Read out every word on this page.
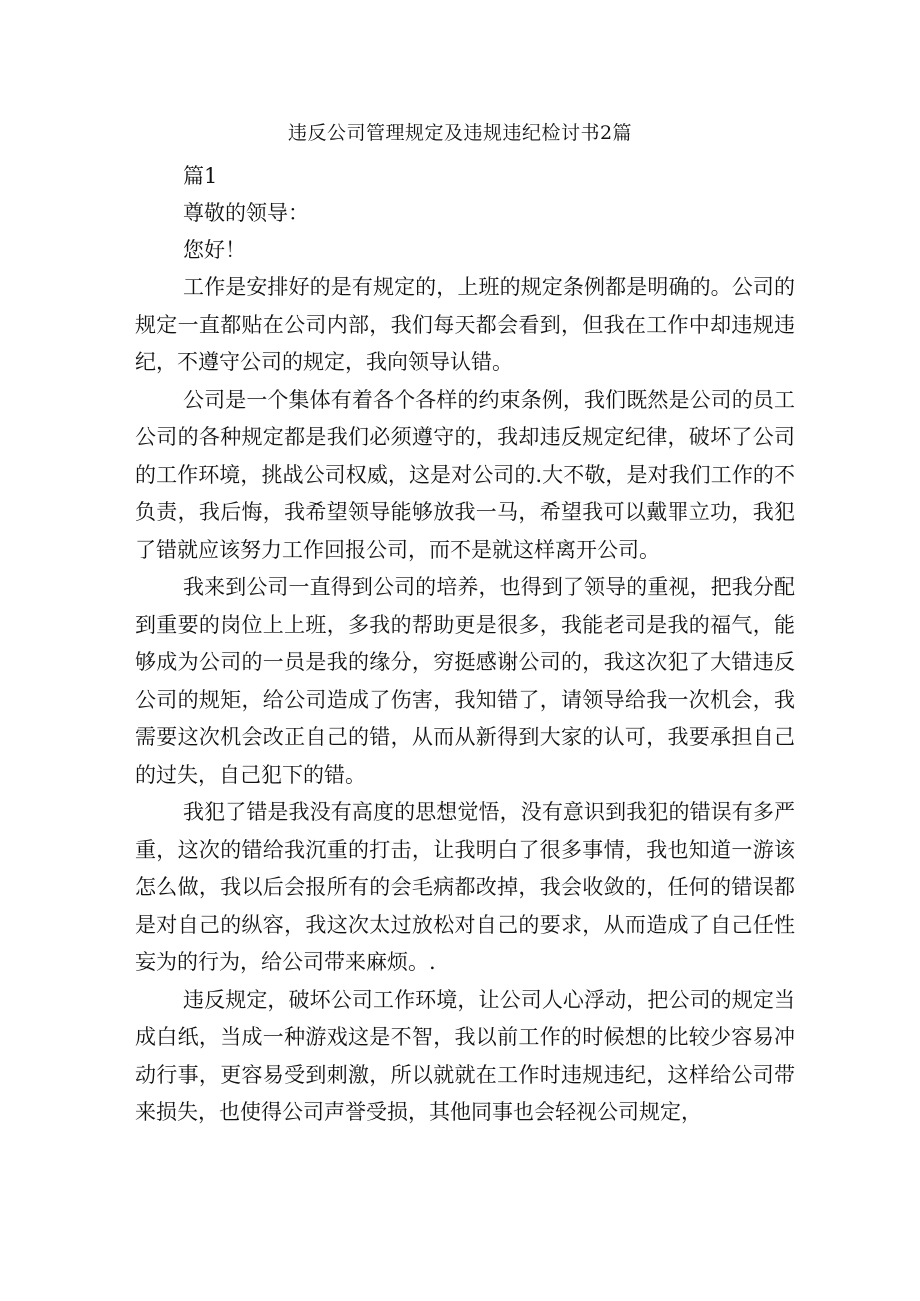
违反公司管理规定及违规违纪检讨书2篇

篇1

尊敬的领导：

您好！

工作是安排好的是有规定的，上班的规定条例都是明确的。公司的规定一直都贴在公司内部，我们每天都会看到，但我在工作中却违规违纪，不遵守公司的规定，我向领导认错。

公司是一个集体有着各个各样的约束条例，我们既然是公司的员工公司的各种规定都是我们必须遵守的，我却违反规定纪律，破坏了公司的工作环境，挑战公司权威，这是对公司的.大不敬，是对我们工作的不负责，我后悔，我希望领导能够放我一马，希望我可以戴罪立功，我犯了错就应该努力工作回报公司，而不是就这样离开公司。

我来到公司一直得到公司的培养，也得到了领导的重视，把我分配到重要的岗位上上班，多我的帮助更是很多，我能老司是我的福气，能够成为公司的一员是我的缘分，穷挺感谢公司的，我这次犯了大错违反公司的规矩，给公司造成了伤害，我知错了，请领导给我一次机会，我需要这次机会改正自己的错，从而从新得到大家的认可，我要承担自己的过失，自己犯下的错。

我犯了错是我没有高度的思想觉悟，没有意识到我犯的错误有多严重，这次的错给我沉重的打击，让我明白了很多事情，我也知道一游该怎么做，我以后会报所有的会毛病都改掉，我会收敛的，任何的错误都是对自己的纵容，我这次太过放松对自己的要求，从而造成了自己任性妄为的行为，给公司带来麻烦。.

违反规定，破坏公司工作环境，让公司人心浮动，把公司的规定当成白纸，当成一种游戏这是不智，我以前工作的时候想的比较少容易冲动行事，更容易受到刺激，所以就就在工作时违规违纪，这样给公司带来损失，也使得公司声誉受损，其他同事也会轻视公司规定，
